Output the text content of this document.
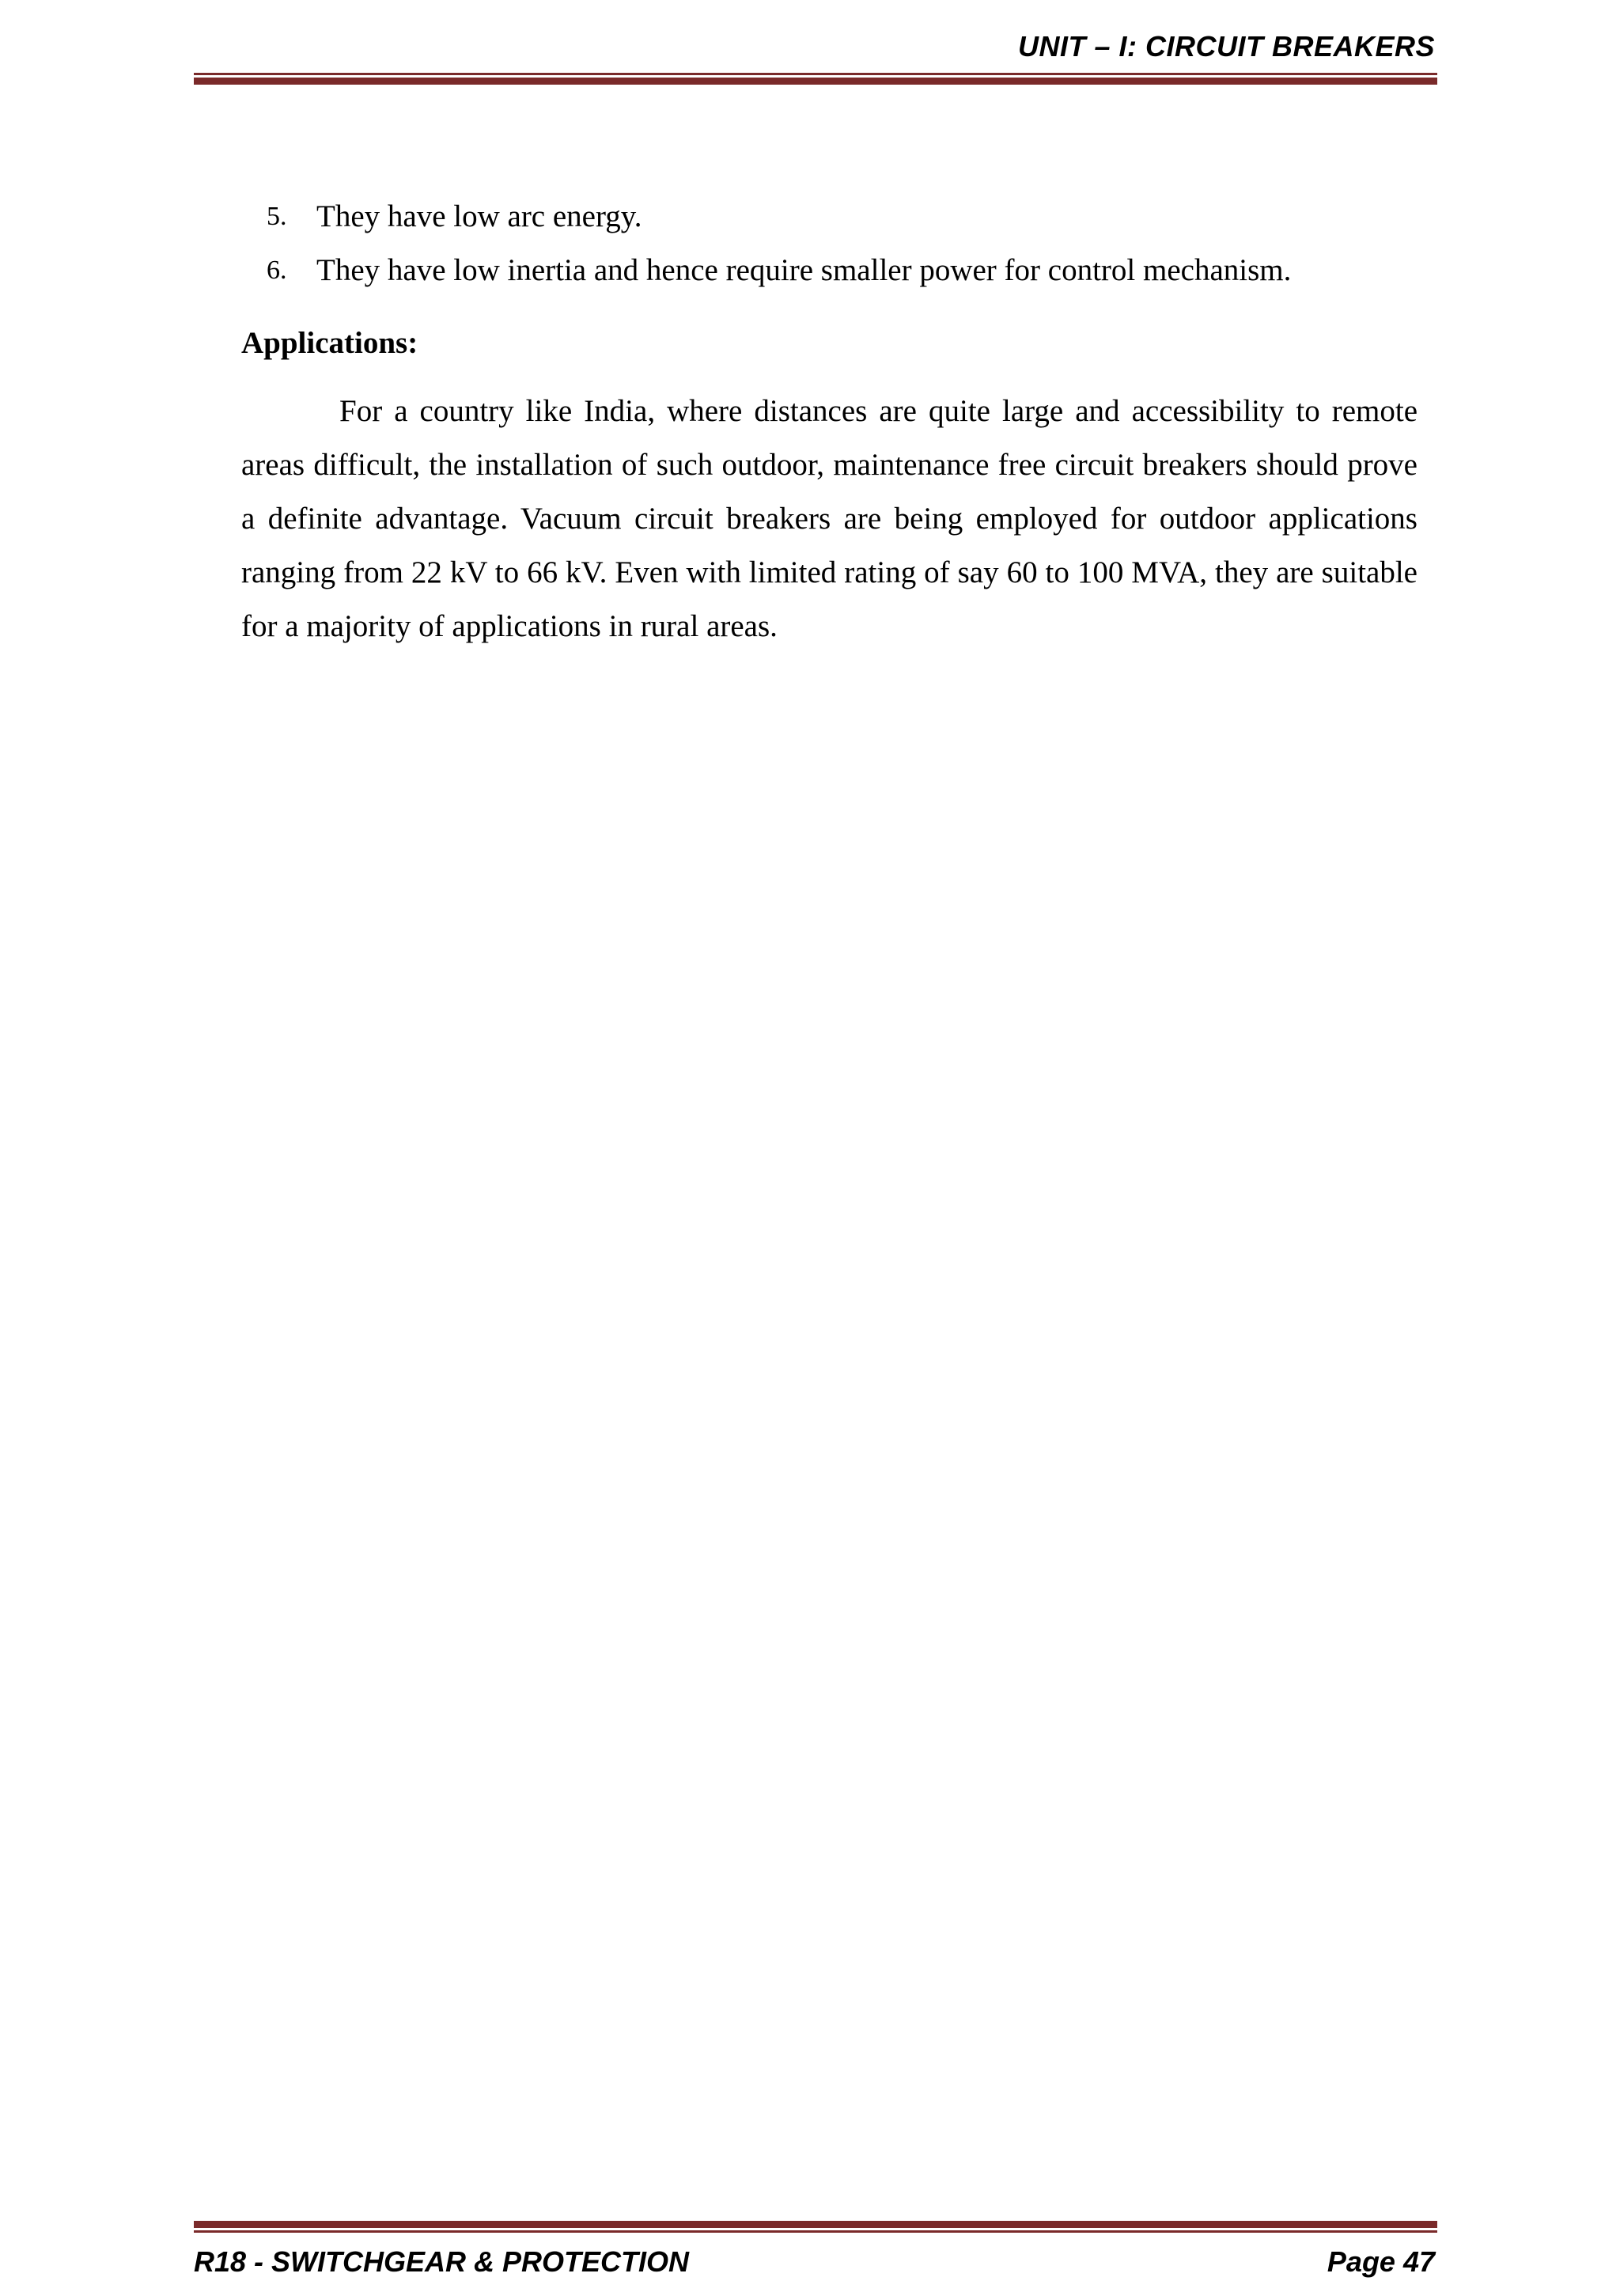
UNIT – I: CIRCUIT BREAKERS
5. They have low arc energy.
6. They have low inertia and hence require smaller power for control mechanism.
Applications:

For a country like India, where distances are quite large and accessibility to remote areas difficult, the installation of such outdoor, maintenance free circuit breakers should prove a definite advantage. Vacuum circuit breakers are being employed for outdoor applications ranging from 22 kV to 66 kV. Even with limited rating of say 60 to 100 MVA, they are suitable for a majority of applications in rural areas.

R18 - SWITCHGEAR & PROTECTION	Page 47
